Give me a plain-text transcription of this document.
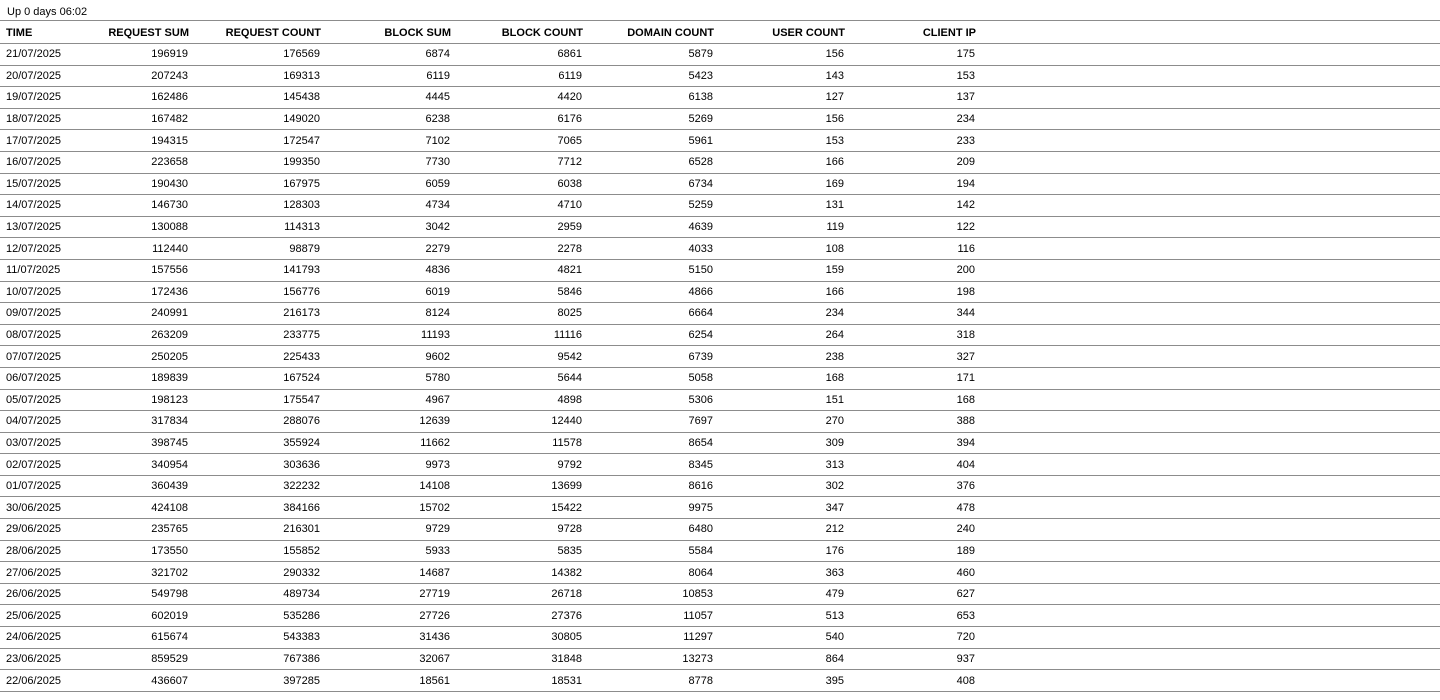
Up 0 days 06:02
TIME	REQUEST SUM	REQUEST COUNT	BLOCK SUM	BLOCK COUNT	DOMAIN COUNT	USER COUNT	CLIENT IP	
21/07/2025	196919	176569	6874	6861	5879	156	175	
20/07/2025	207243	169313	6119	6119	5423	143	153	
19/07/2025	162486	145438	4445	4420	6138	127	137	
18/07/2025	167482	149020	6238	6176	5269	156	234	
17/07/2025	194315	172547	7102	7065	5961	153	233	
16/07/2025	223658	199350	7730	7712	6528	166	209	
15/07/2025	190430	167975	6059	6038	6734	169	194	
14/07/2025	146730	128303	4734	4710	5259	131	142	
13/07/2025	130088	114313	3042	2959	4639	119	122	
12/07/2025	112440	98879	2279	2278	4033	108	116	
11/07/2025	157556	141793	4836	4821	5150	159	200	
10/07/2025	172436	156776	6019	5846	4866	166	198	
09/07/2025	240991	216173	8124	8025	6664	234	344	
08/07/2025	263209	233775	11193	11116	6254	264	318	
07/07/2025	250205	225433	9602	9542	6739	238	327	
06/07/2025	189839	167524	5780	5644	5058	168	171	
05/07/2025	198123	175547	4967	4898	5306	151	168	
04/07/2025	317834	288076	12639	12440	7697	270	388	
03/07/2025	398745	355924	11662	11578	8654	309	394	
02/07/2025	340954	303636	9973	9792	8345	313	404	
01/07/2025	360439	322232	14108	13699	8616	302	376	
30/06/2025	424108	384166	15702	15422	9975	347	478	
29/06/2025	235765	216301	9729	9728	6480	212	240	
28/06/2025	173550	155852	5933	5835	5584	176	189	
27/06/2025	321702	290332	14687	14382	8064	363	460	
26/06/2025	549798	489734	27719	26718	10853	479	627	
25/06/2025	602019	535286	27726	27376	11057	513	653	
24/06/2025	615674	543383	31436	30805	11297	540	720	
23/06/2025	859529	767386	32067	31848	13273	864	937	
22/06/2025	436607	397285	18561	18531	8778	395	408	
